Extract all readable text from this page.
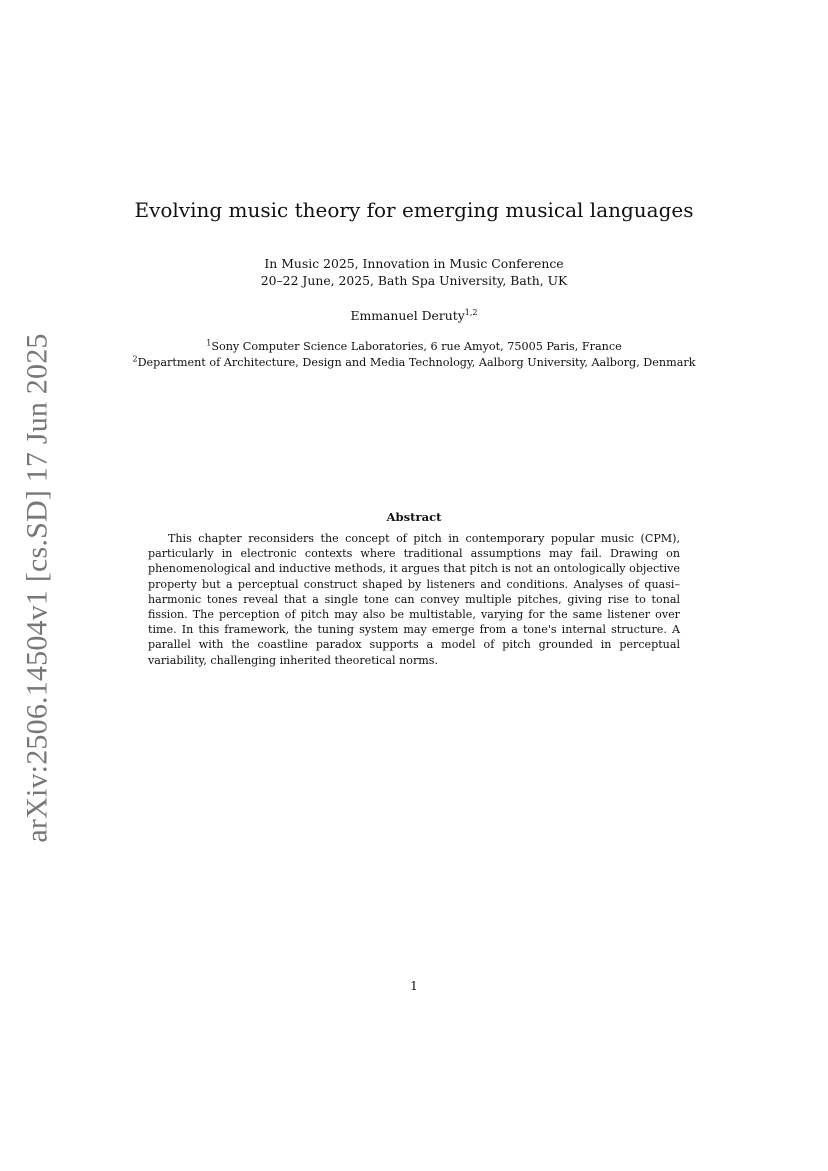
arXiv:2506.14504v1 [cs.SD] 17 Jun 2025
Evolving music theory for emerging musical languages
In Music 2025, Innovation in Music Conference
20–22 June, 2025, Bath Spa University, Bath, UK
Emmanuel Deruty$^{1,2}$
$^1$Sony Computer Science Laboratories, 6 rue Amyot, 75005 Paris, France
$^2$Department of Architecture, Design and Media Technology, Aalborg University, Aalborg, Denmark
Abstract

This chapter reconsiders the concept of pitch in contemporary popular music (CPM), particularly in electronic contexts where traditional assumptions may fail. Drawing on phenomenological and inductive methods, it argues that pitch is not an ontologically objective property but a perceptual construct shaped by listeners and conditions. Analyses of quasi–harmonic tones reveal that a single tone can convey multiple pitches, giving rise to tonal fission. The perception of pitch may also be multistable, varying for the same listener over time. In this framework, the tuning system may emerge from a tone's internal structure. A parallel with the coastline paradox supports a model of pitch grounded in perceptual variability, challenging inherited theoretical norms.

1
